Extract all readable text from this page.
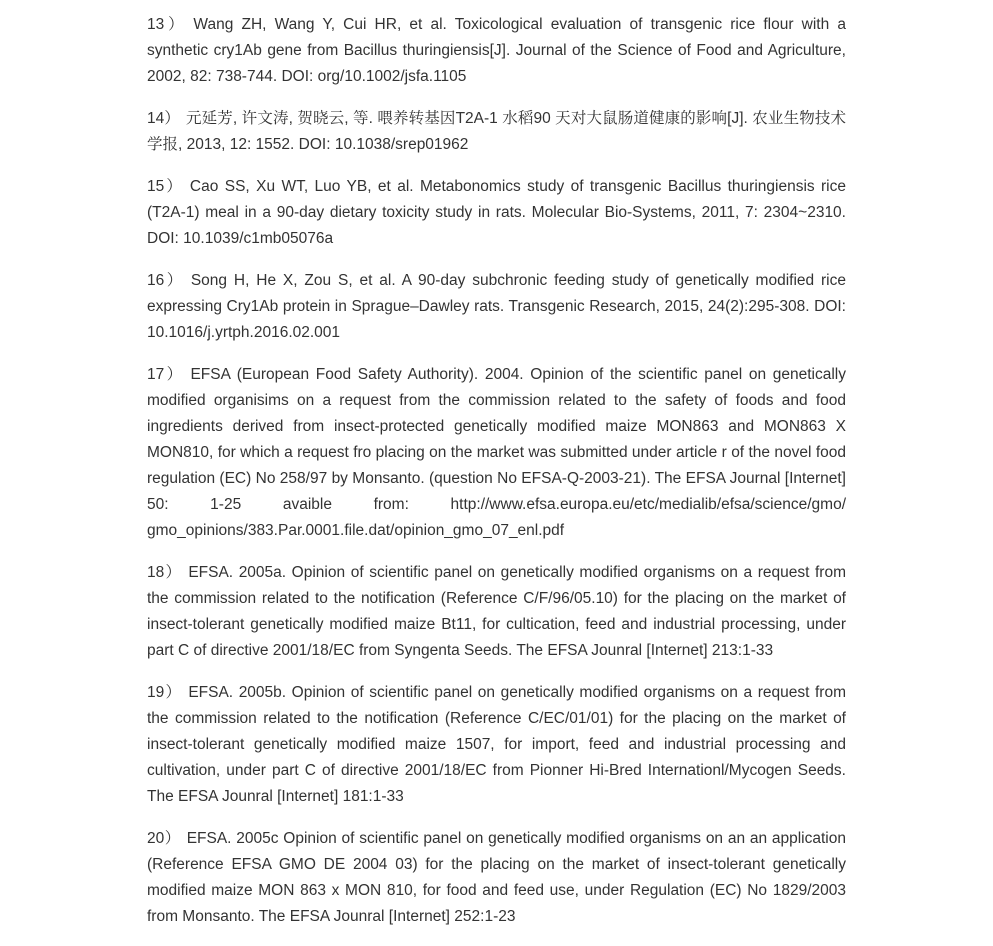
13） Wang ZH, Wang Y, Cui HR, et al. Toxicological evaluation of transgenic rice flour with a synthetic cry1Ab gene from Bacillus thuringiensis[J]. Journal of the Science of Food and Agriculture, 2002, 82: 738-744. DOI: org/10.1002/jsfa.1105

14） 元延芳, 许文涛, 贺晓云, 等. 喂养转基因T2A-1 水稻90 天对大鼠肠道健康的影响[J]. 农业生物技术学报, 2013, 12: 1552. DOI: 10.1038/srep01962

15） Cao SS, Xu WT, Luo YB, et al. Metabonomics study of transgenic Bacillus thuringiensis rice (T2A-1) meal in a 90-day dietary toxicity study in rats. Molecular Bio-Systems, 2011, 7: 2304~2310. DOI: 10.1039/c1mb05076a

16） Song H, He X, Zou S, et al. A 90-day subchronic feeding study of genetically modified rice expressing Cry1Ab protein in Sprague–Dawley rats. Transgenic Research, 2015, 24(2):295-308. DOI: 10.1016/j.yrtph.2016.02.001

17） EFSA (European Food Safety Authority). 2004. Opinion of the scientific panel on genetically modified organisims on a request from the commission related to the safety of foods and food ingredients derived from insect-protected genetically modified maize MON863 and MON863 X MON810, for which a request fro placing on the market was submitted under article r of the novel food regulation (EC) No 258/97 by Monsanto. (question No EFSA-Q-2003-21). The EFSA Journal [Internet] 50: 1-25 avaible from: http://www.efsa.europa.eu/etc/medialib/efsa/science/gmo/ gmo_opinions/383.Par.0001.file.dat/opinion_gmo_07_enl.pdf

18） EFSA. 2005a. Opinion of scientific panel on genetically modified organisms on a request from the commission related to the notification (Reference C/F/96/05.10) for the placing on the market of insect-tolerant genetically modified maize Bt11, for cultication, feed and industrial processing, under part C of directive 2001/18/EC from Syngenta Seeds. The EFSA Jounral [Internet] 213:1-33

19） EFSA. 2005b. Opinion of scientific panel on genetically modified organisms on a request from the commission related to the notification (Reference C/EC/01/01) for the placing on the market of insect-tolerant genetically modified maize 1507, for import, feed and industrial processing and cultivation, under part C of directive 2001/18/EC from Pionner Hi-Bred Internationl/Mycogen Seeds. The EFSA Jounral [Internet] 181:1-33

20） EFSA. 2005c Opinion of scientific panel on genetically modified organisms on an an application (Reference EFSA GMO DE 2004 03) for the placing on the market of insect-tolerant genetically modified maize MON 863 x MON 810, for food and feed use, under Regulation (EC) No 1829/2003 from Monsanto. The EFSA Jounral [Internet] 252:1-23
